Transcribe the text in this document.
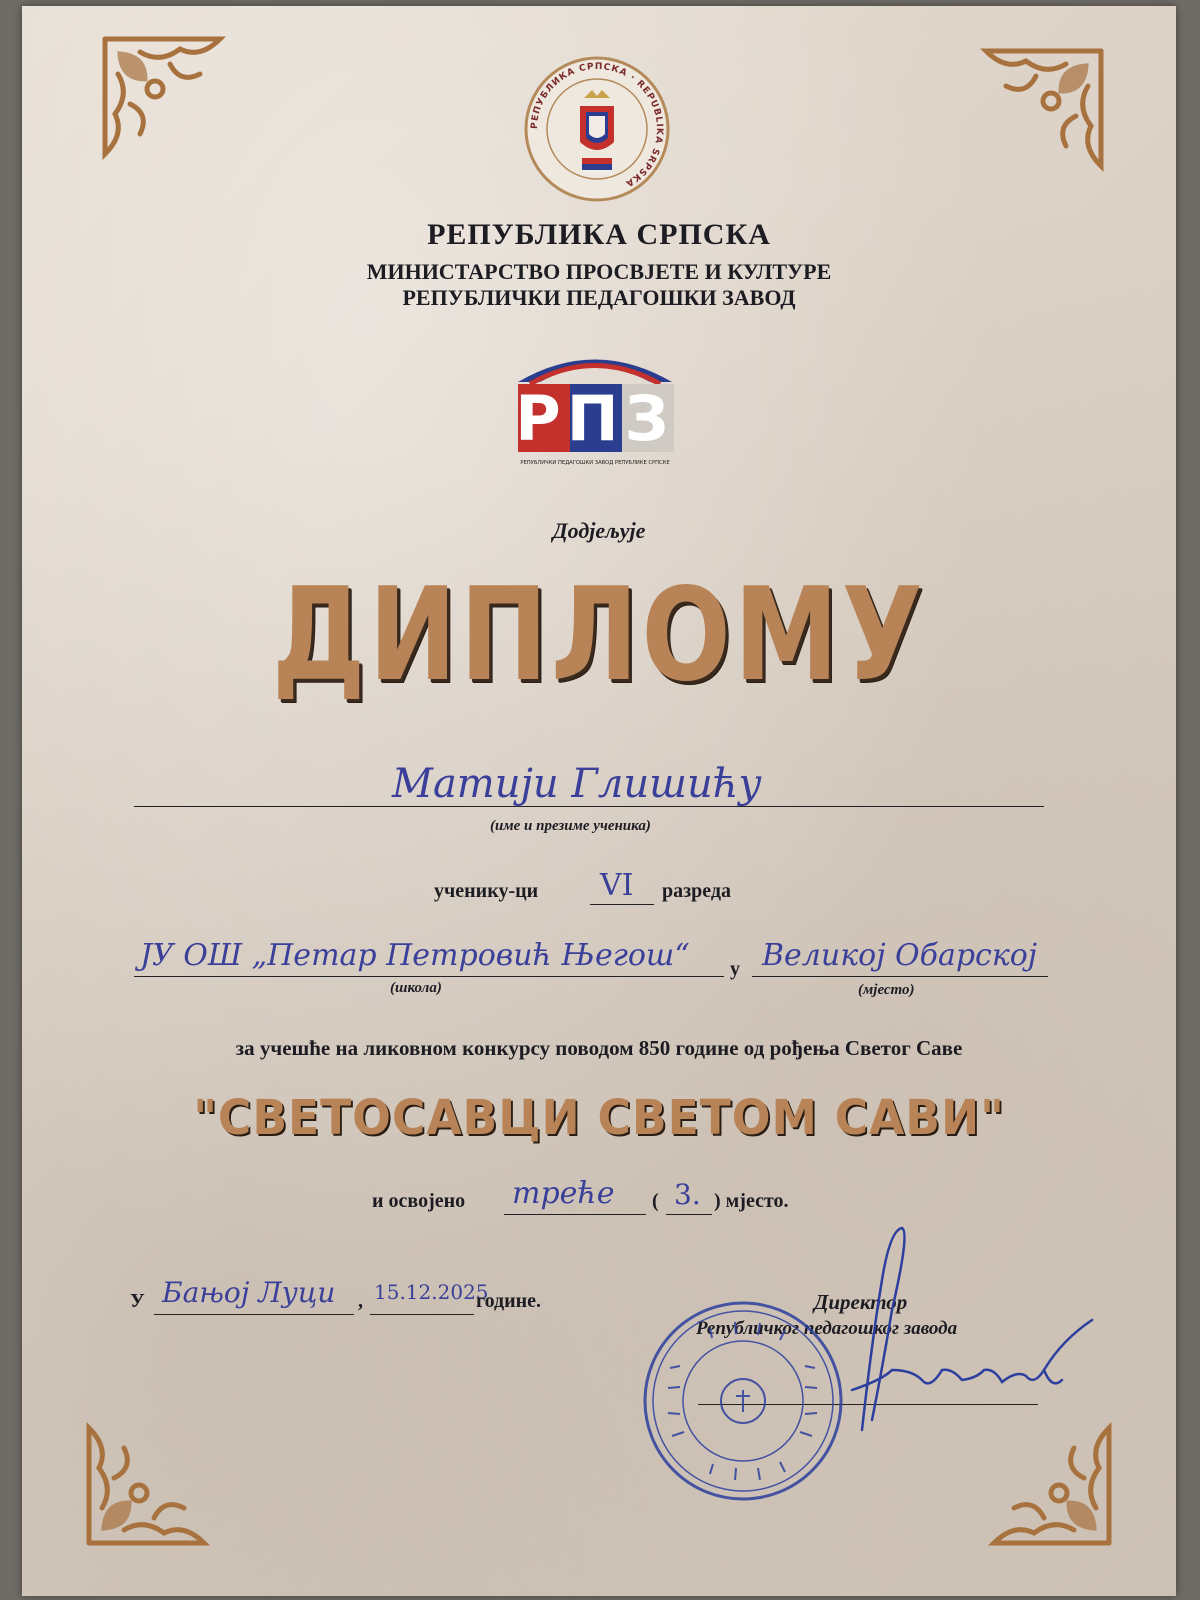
РЕПУБЛИКА СРПСКА · REPUBLIKA SRPSKA
РЕПУБЛИКА СРПСКА
МИНИСТАРСТВО ПРОСВЈЕТЕ И КУЛТУРЕ
РЕПУБЛИЧКИ ПЕДАГОШКИ ЗАВОД
РПЗ
РЕПУБЛИЧКИ ПЕДАГОШКИ ЗАВОД РЕПУБЛИКЕ СРПСКЕ
Додјељује
ДИПЛОМУ
Матији Глишићу
(име и презиме ученика)
ученику-ци VI разреда
ЈУ ОШ „Петар Петровић Његош“
(школа)
у Великој Обарској
(мјесто)
за учешће на ликовном конкурсу поводом 850 године од рођења Светог Саве
"СВЕТОСАВЦИ СВЕТОМ САВИ"
и освојено треће ( 3. ) мјесто.
У Бањој Луци , 15.12.2025
године.	Директор
Републичког педагошког завода
